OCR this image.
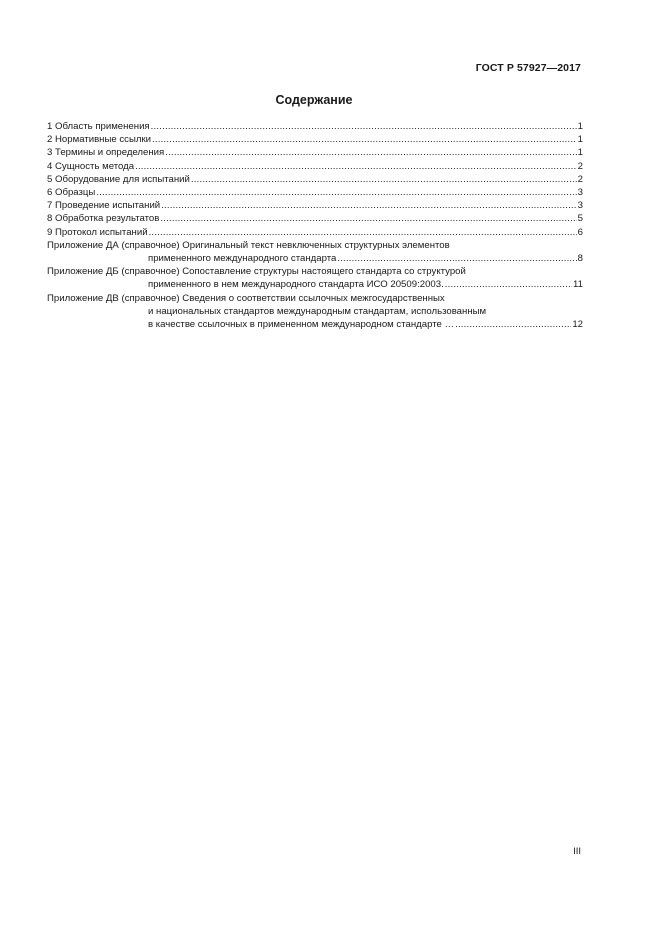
ГОСТ Р 57927—2017
Содержание
1 Область применения .....	1
2 Нормативные ссылки .....	1
3 Термины и определения .....	1
4 Сущность метода .....	2
5 Оборудование для испытаний .....	2
6 Образцы .....	3
7 Проведение испытаний .....	3
8 Обработка результатов .....	5
9 Протокол испытаний .....	6
Приложение ДА (справочное) Оригинальный текст невключенных структурных элементов
примененного международного стандарта .....	8
Приложение ДБ (справочное) Сопоставление структуры настоящего стандарта со структурой
примененного в нем международного стандарта ИСО 20509:2003. .....	11
Приложение ДВ (справочное) Сведения о соответствии ссылочных межгосударственных
и национальных стандартов международным стандартам, использованным
в качестве ссылочных в примененном международном стандарте … .....	12
III
